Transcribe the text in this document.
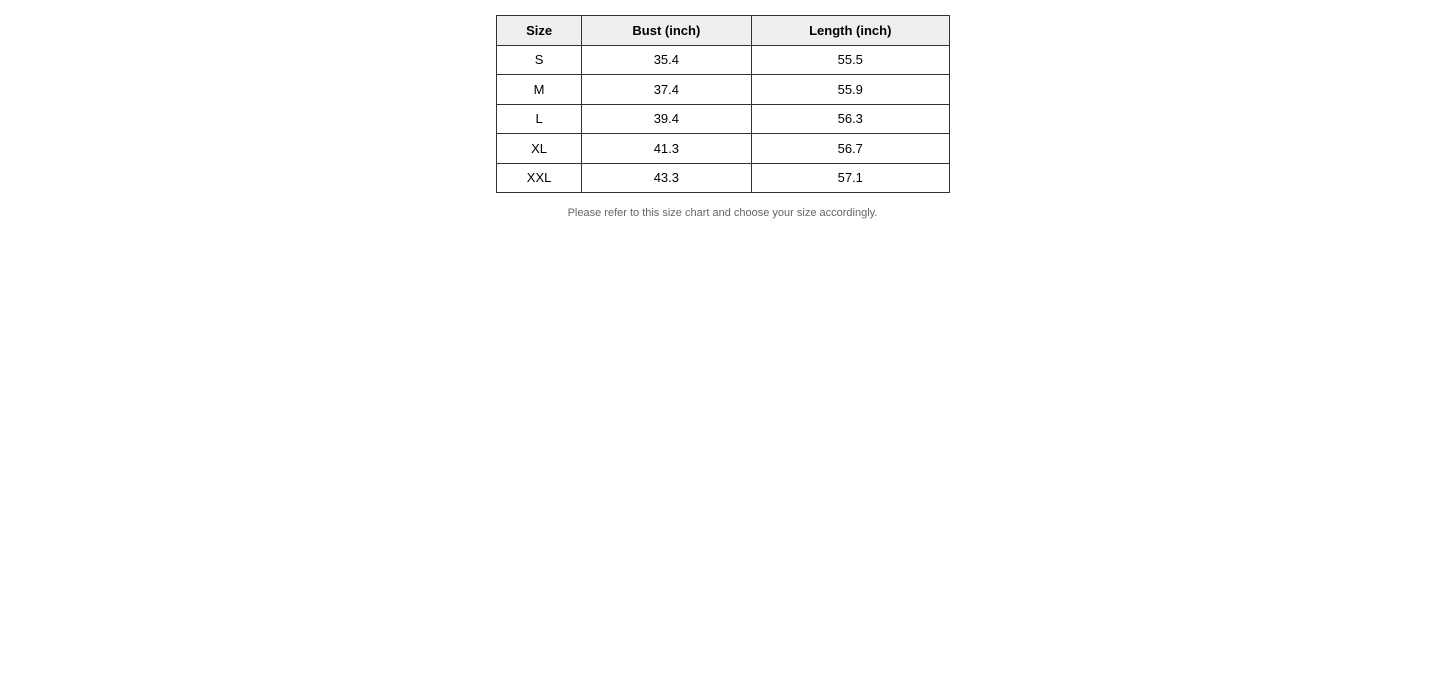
Size	Bust (inch)	Length (inch)
S	35.4	55.5
M	37.4	55.9
L	39.4	56.3
XL	41.3	56.7
XXL	43.3	57.1
Please refer to this size chart and choose your size accordingly.
